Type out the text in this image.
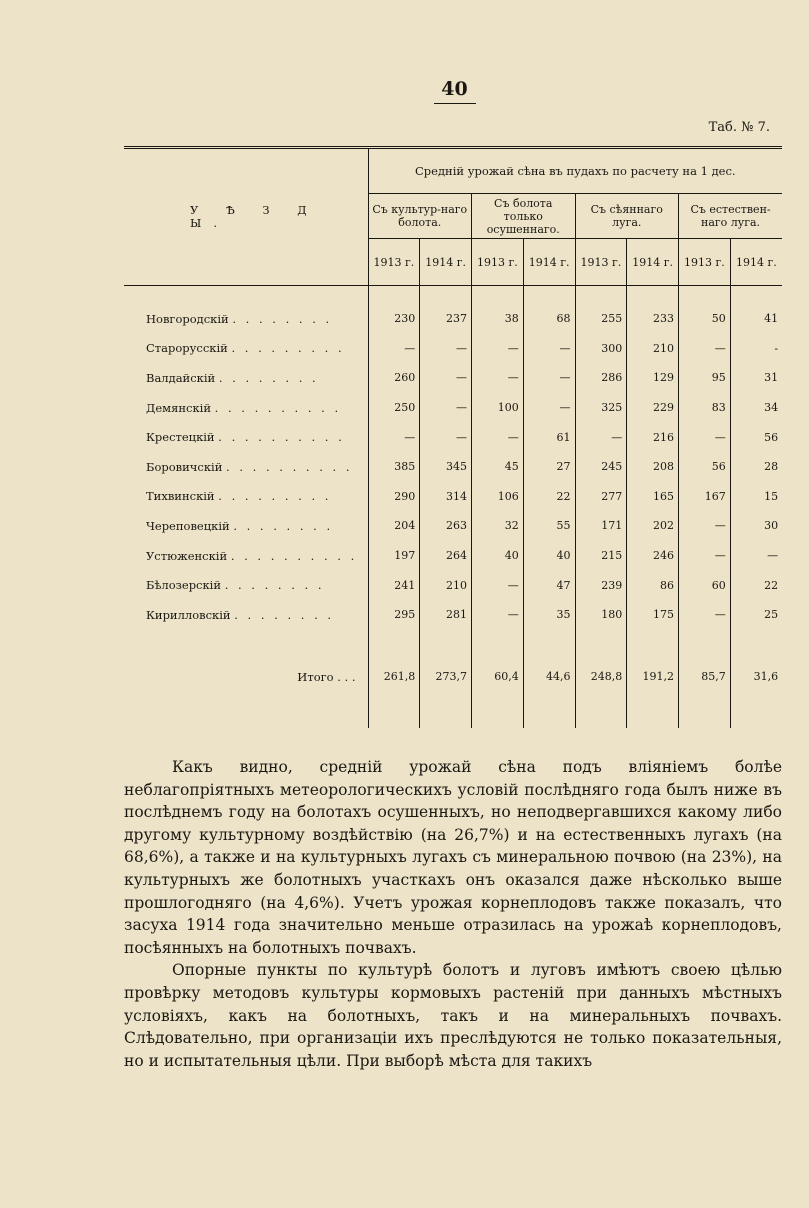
40
Таб. № 7.
У Ѣ З Д Ы.	Среднiй урожай сѣна въ пудахъ по расчету на 1 дес.							
	Съ культур-наго болота.		Съ болота только осушеннаго.		Съ сѣяннаго луга.		Съ естествен-наго луга.	
	1913 г.	1914 г.	1913 г.	1914 г.	1913 г.	1914 г.	1913 г.	1914 г.
Новгородскiй . . . . . . . .	230	237	38	68	255	233	50	41
Старорусскiй . . . . . . . . .	—	—	—	—	300	210	—	-
Валдайскiй . . . . . . . .	260	—	—	—	286	129	95	31
Демянскiй . . . . . . . . . .	250	—	100	—	325	229	83	34
Крестецкiй . . . . . . . . . .	—	—	—	61	—	216	—	56
Боровичскiй . . . . . . . . . .	385	345	45	27	245	208	56	28
Тихвинскiй . . . . . . . . .	290	314	106	22	277	165	167	15
Череповецкiй . . . . . . . .	204	263	32	55	171	202	—	30
Устюженскiй . . . . . . . . . .	197	264	40	40	215	246	—	—
Бѣлозерскiй . . . . . . . .	241	210	—	47	239	86	60	22
Кирилловскiй . . . . . . . .	295	281	—	35	180	175	—	25

Итого . . .	261,8	273,7	60,4	44,6	248,8	191,2	85,7	31,6

Какъ видно, среднiй урожай сѣна подъ влiянiемъ болѣе неблагопрiятныхъ метеорологическихъ условiй послѣдняго года былъ ниже въ послѣднемъ году на болотахъ осушенныхъ, но неподвергавшихся какому либо другому культурному воздѣйствiю (на 26,7%) и на естественныхъ лугахъ (на 68,6%), а также и на культурныхъ лугахъ съ минеральною почвою (на 23%), на культурныхъ же болотныхъ участкахъ онъ оказался даже нѣсколько выше прошлогодняго (на 4,6%). Учетъ урожая корнеплодовъ также показалъ, что засуха 1914 года значительно меньше отразилась на урожаѣ корнеплодовъ, посѣянныхъ на болотныхъ почвахъ.

Опорные пункты по культурѣ болотъ и луговъ имѣютъ своею цѣлью провѣрку методовъ культуры кормовыхъ растенiй при данныхъ мѣстныхъ условiяхъ, какъ на болотныхъ, такъ и на минеральныхъ почвахъ. Слѣдовательно, при организацiи ихъ преслѣдуются не только показательныя, но и испытательныя цѣли. При выборѣ мѣста для такихъ
